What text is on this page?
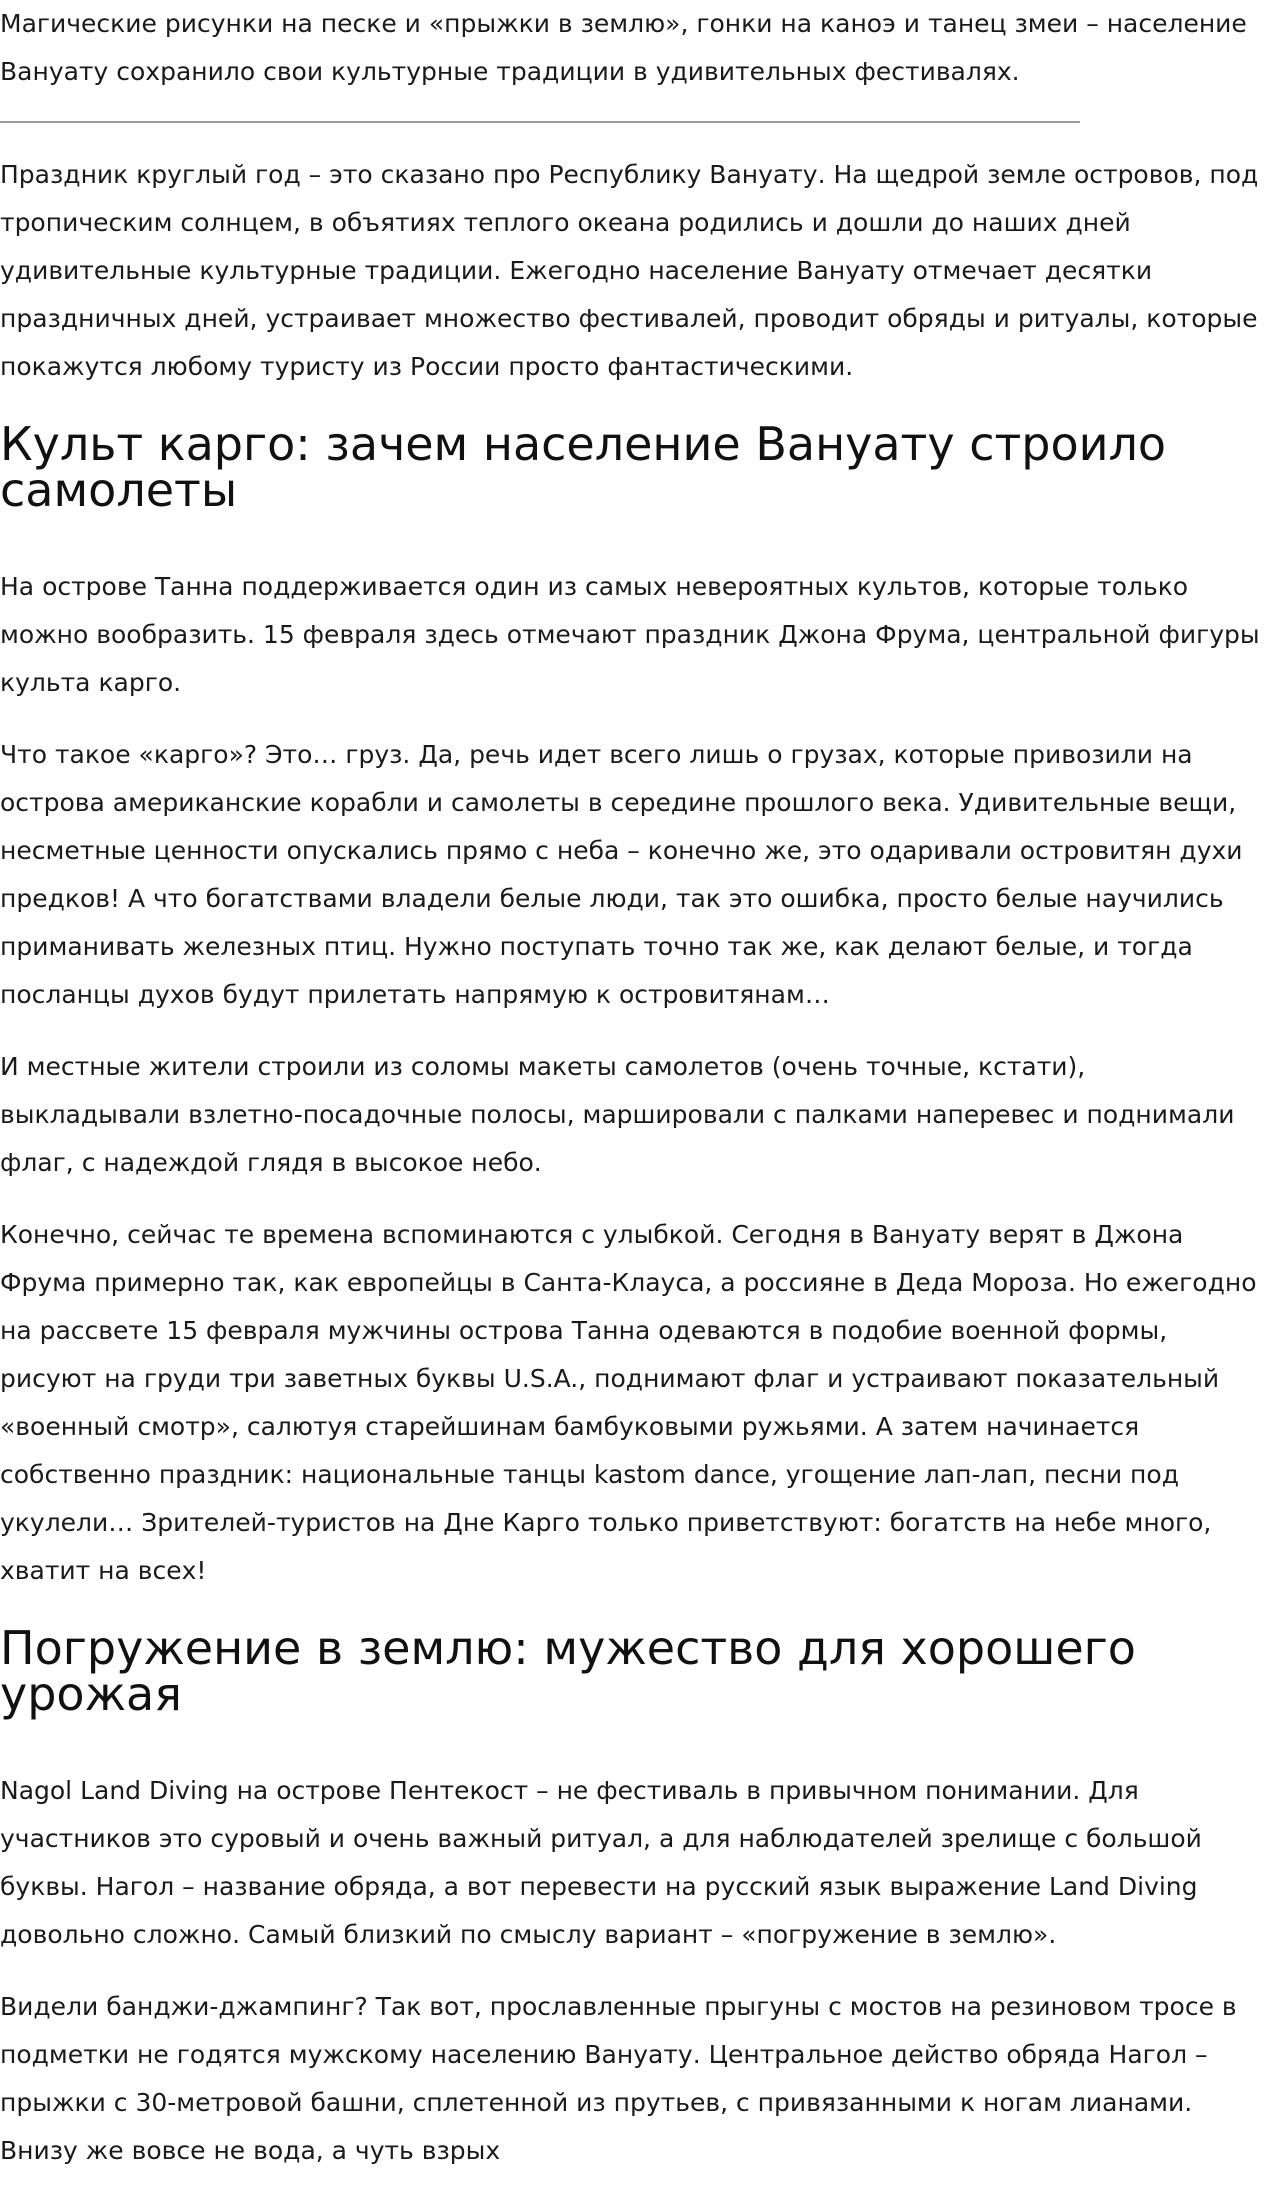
Магические рисунки на песке и «прыжки в землю», гонки на каноэ и танец змеи – население Вануату сохранило свои культурные традиции в удивительных фестивалях.

Праздник круглый год – это сказано про Республику Вануату. На щедрой земле островов, под тропическим солнцем, в объятиях теплого океана родились и дошли до наших дней удивительные культурные традиции. Ежегодно население Вануату отмечает десятки праздничных дней, устраивает множество фестивалей, проводит обряды и ритуалы, которые покажутся любому туристу из России просто фантастическими.

Культ карго: зачем население Вануату строило самолеты

На острове Танна поддерживается один из самых невероятных культов, которые только можно вообразить. 15 февраля здесь отмечают праздник Джона Фрума, центральной фигуры культа карго.

Что такое «карго»? Это… груз. Да, речь идет всего лишь о грузах, которые привозили на острова американские корабли и самолеты в середине прошлого века. Удивительные вещи, несметные ценности опускались прямо с неба – конечно же, это одаривали островитян духи предков! А что богатствами владели белые люди, так это ошибка, просто белые научились приманивать железных птиц. Нужно поступать точно так же, как делают белые, и тогда посланцы духов будут прилетать напрямую к островитянам…

И местные жители строили из соломы макеты самолетов (очень точные, кстати), выкладывали взлетно-посадочные полосы, маршировали с палками наперевес и поднимали флаг, с надеждой глядя в высокое небо.

Конечно, сейчас те времена вспоминаются с улыбкой. Сегодня в Вануату верят в Джона Фрума примерно так, как европейцы в Санта-Клауса, а россияне в Деда Мороза. Но ежегодно на рассвете 15 февраля мужчины острова Танна одеваются в подобие военной формы, рисуют на груди три заветных буквы U.S.A., поднимают флаг и устраивают показательный «военный смотр», салютуя старейшинам бамбуковыми ружьями. А затем начинается собственно праздник: национальные танцы kastom dance, угощение лап-лап, песни под укулели… Зрителей-туристов на Дне Карго только приветствуют: богатств на небе много, хватит на всех!

Погружение в землю: мужество для хорошего урожая

Nagol Land Diving на острове Пентекост – не фестиваль в привычном понимании. Для участников это суровый и очень важный ритуал, а для наблюдателей зрелище с большой буквы. Нагол – название обряда, а вот перевести на русский язык выражение Land Diving довольно сложно. Самый близкий по смыслу вариант – «погружение в землю».

Видели банджи-джампинг? Так вот, прославленные прыгуны с мостов на резиновом тросе в подметки не годятся мужскому населению Вануату. Центральное действо обряда Нагол – прыжки с 30-метровой башни, сплетенной из прутьев, с привязанными к ногам лианами. Внизу же вовсе не вода, а чуть взрых
